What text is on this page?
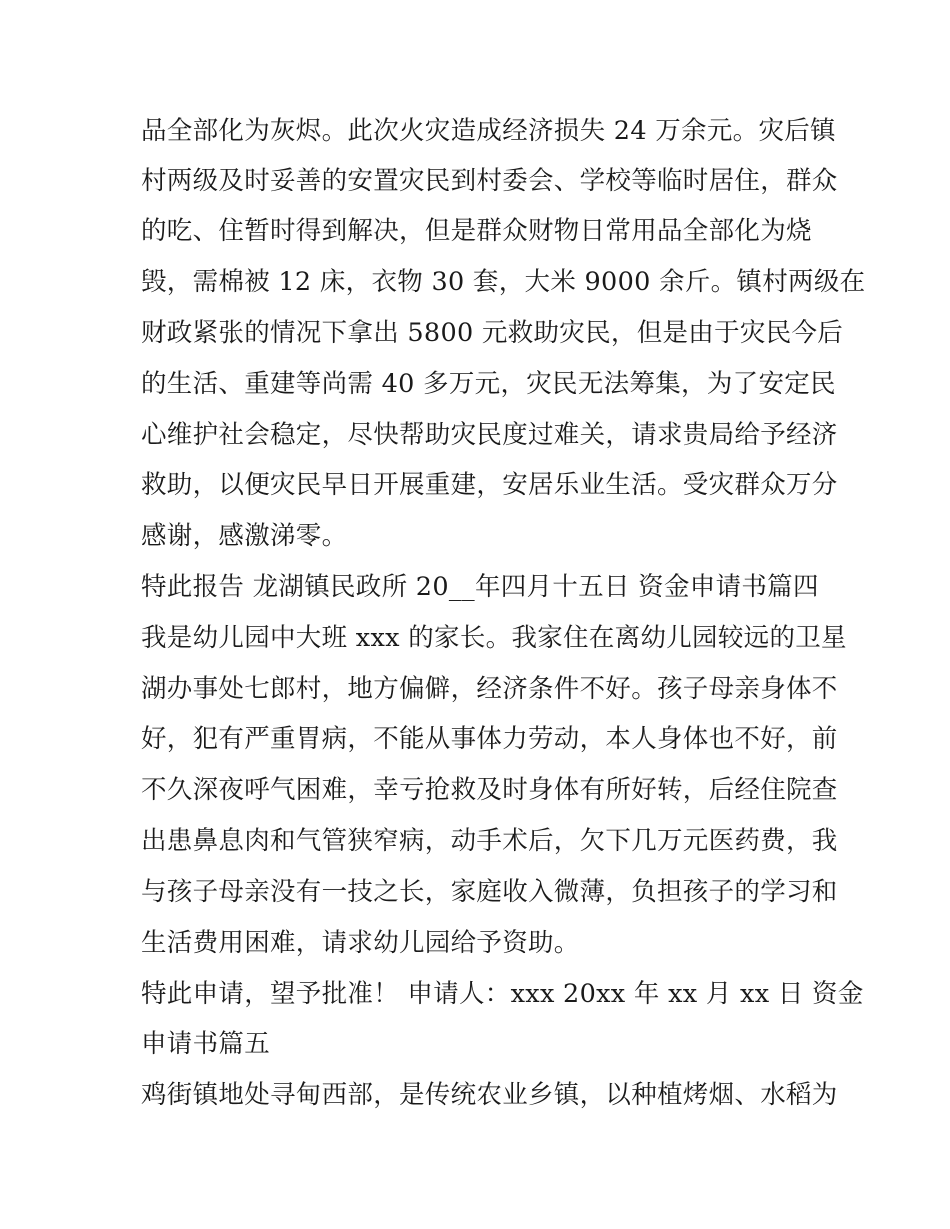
品全部化为灰烬。此次火灾造成经济损失 24 万余元。灾后镇
村两级及时妥善的安置灾民到村委会、学校等临时居住，群众
的吃、住暂时得到解决，但是群众财物日常用品全部化为烧
毁，需棉被 12 床，衣物 30 套，大米 9000 余斤。镇村两级在
财政紧张的情况下拿出 5800 元救助灾民，但是由于灾民今后
的生活、重建等尚需 40 多万元，灾民无法筹集，为了安定民
心维护社会稳定，尽快帮助灾民度过难关，请求贵局给予经济
救助，以便灾民早日开展重建，安居乐业生活。受灾群众万分
感谢，感激涕零。
特此报告 龙湖镇民政所 20__年四月十五日 资金申请书篇四
我是幼儿园中大班 xxx 的家长。我家住在离幼儿园较远的卫星
湖办事处七郎村，地方偏僻，经济条件不好。孩子母亲身体不
好，犯有严重胃病，不能从事体力劳动，本人身体也不好，前
不久深夜呼气困难，幸亏抢救及时身体有所好转，后经住院查
出患鼻息肉和气管狭窄病，动手术后，欠下几万元医药费，我
与孩子母亲没有一技之长，家庭收入微薄，负担孩子的学习和
生活费用困难，请求幼儿园给予资助。
特此申请，望予批准！ 申请人：xxx 20xx 年 xx 月 xx 日 资金
申请书篇五
鸡街镇地处寻甸西部，是传统农业乡镇，以种植烤烟、水稻为
